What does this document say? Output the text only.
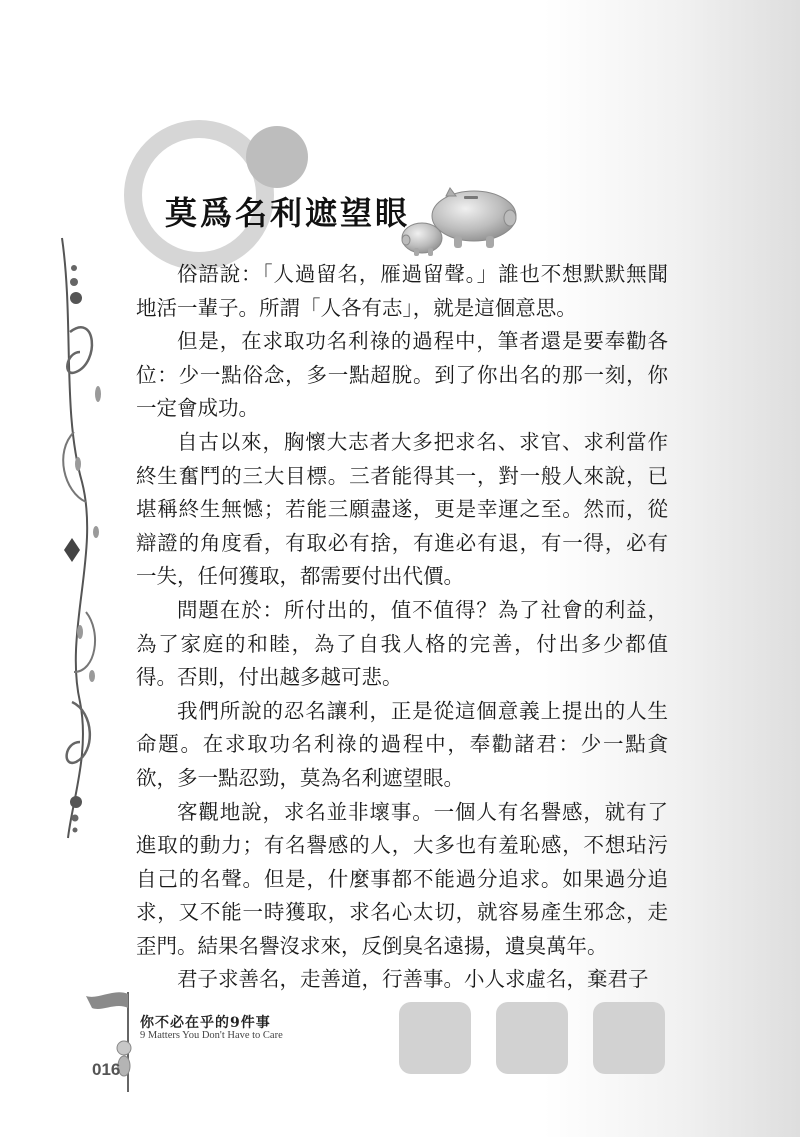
莫爲名利遮望眼

俗語說：「人過留名，雁過留聲。」誰也不想默默無聞地活一輩子。所謂「人各有志」，就是這個意思。

但是，在求取功名利祿的過程中，筆者還是要奉勸各位：少一點俗念，多一點超脫。到了你出名的那一刻，你一定會成功。

自古以來，胸懷大志者大多把求名、求官、求利當作終生奮鬥的三大目標。三者能得其一，對一般人來說，已堪稱終生無憾；若能三願盡遂，更是幸運之至。然而，從辯證的角度看，有取必有捨，有進必有退，有一得，必有一失，任何獲取，都需要付出代價。

問題在於：所付出的，值不值得？為了社會的利益，為了家庭的和睦，為了自我人格的完善，付出多少都值得。否則，付出越多越可悲。

我們所說的忍名讓利，正是從這個意義上提出的人生命題。在求取功名利祿的過程中，奉勸諸君：少一點貪欲，多一點忍勁，莫為名利遮望眼。

客觀地說，求名並非壞事。一個人有名譽感，就有了進取的動力；有名譽感的人，大多也有羞恥感，不想玷污自己的名聲。但是，什麼事都不能過分追求。如果過分追求，又不能一時獲取，求名心太切，就容易產生邪念，走歪門。結果名譽沒求來，反倒臭名遠揚，遺臭萬年。

君子求善名，走善道，行善事。小人求虛名，棄君子

你不必在乎的9件事

9 Matters You Don't Have to Care

016
